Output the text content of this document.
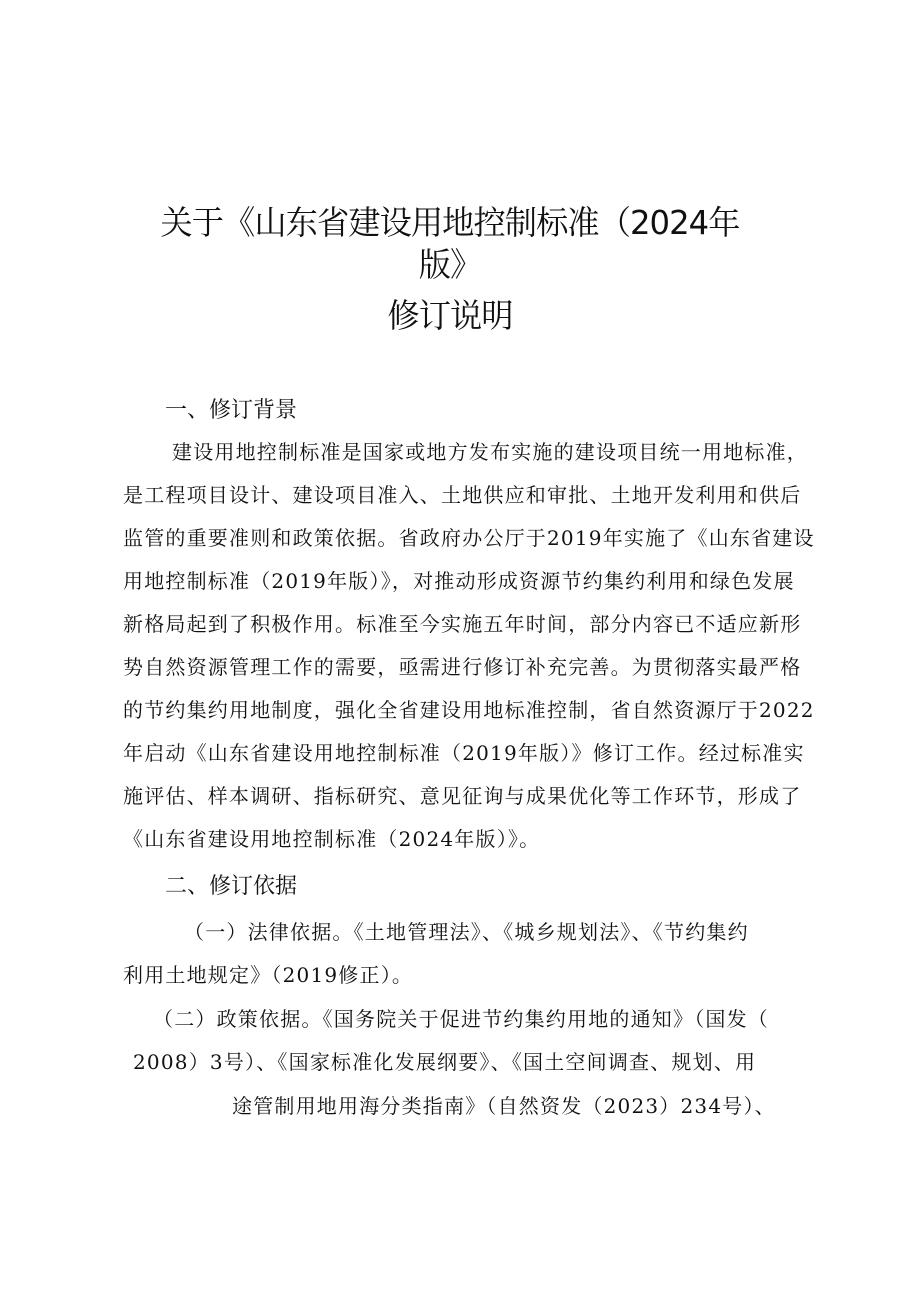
关于《山东省建设用地控制标准（2024年
版》
修订说明
一、修订背景
建设用地控制标准是国家或地方发布实施的建设项目统一用地标准，
是工程项目设计、建设项目准入、土地供应和审批、土地开发利用和供后
监管的重要准则和政策依据。省政府办公厅于2019年实施了《山东省建设
用地控制标准（2019年版）》，对推动形成资源节约集约利用和绿色发展
新格局起到了积极作用。标准至今实施五年时间，部分内容已不适应新形
势自然资源管理工作的需要，亟需进行修订补充完善。为贯彻落实最严格
的节约集约用地制度，强化全省建设用地标准控制，省自然资源厅于2022
年启动《山东省建设用地控制标准（2019年版）》修订工作。经过标准实
施评估、样本调研、指标研究、意见征询与成果优化等工作环节，形成了
《山东省建设用地控制标准（2024年版）》。
二、修订依据
（一）法律依据。《土地管理法》、《城乡规划法》、《节约集约
利用土地规定》（2019修正）。
（二）政策依据。《国务院关于促进节约集约用地的通知》（国发（
2008）3号）、《国家标准化发展纲要》、《国土空间调查、规划、用
途管制用地用海分类指南》（自然资发（2023）234号）、
